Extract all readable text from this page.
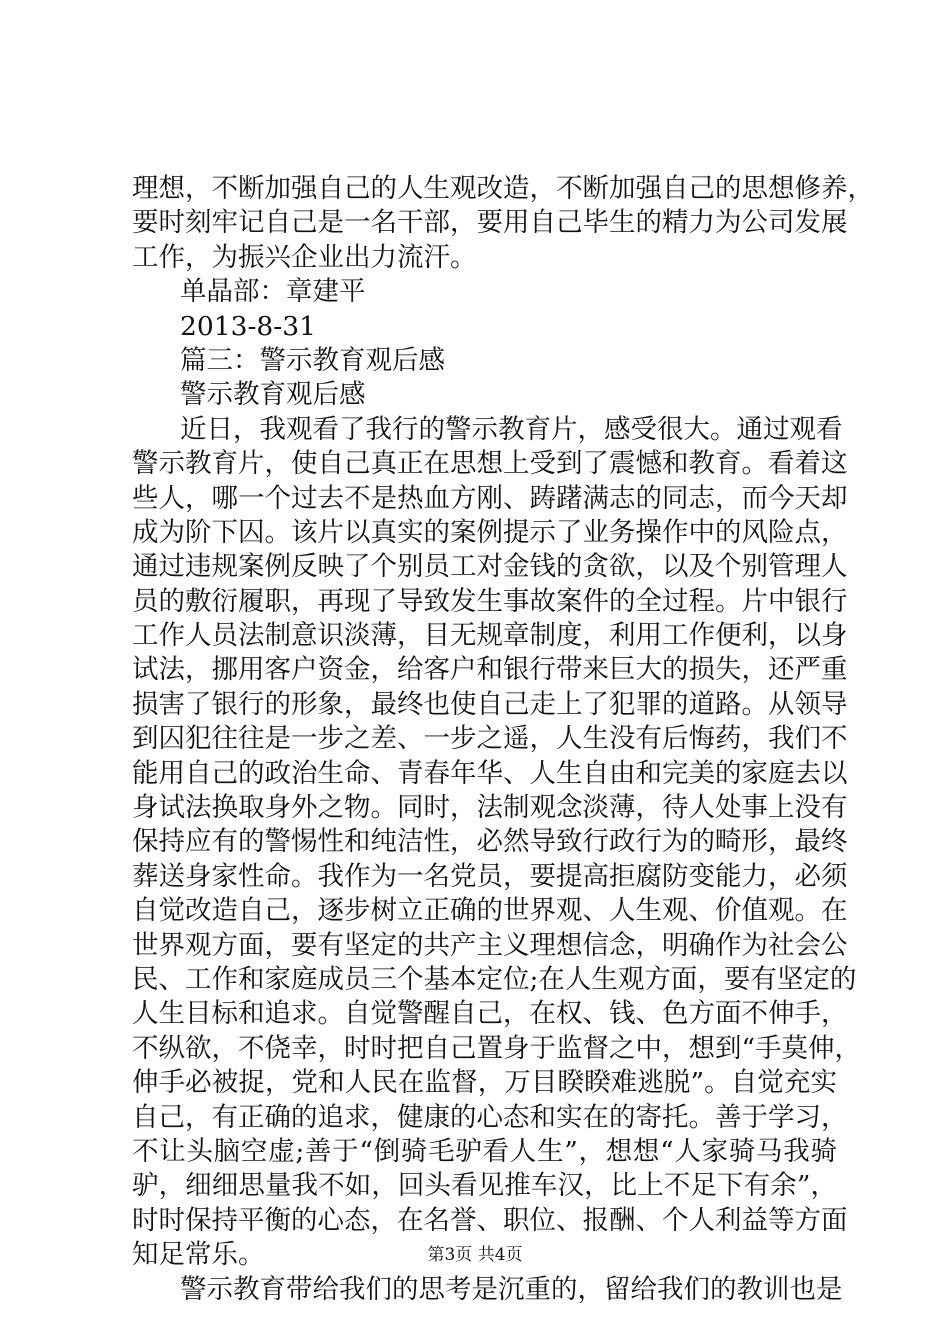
理想，不断加强自己的人生观改造，不断加强自己的思想修养，
要时刻牢记自己是一名干部，要用自己毕生的精力为公司发展
工作，为振兴企业出力流汗。
单晶部：章建平
2013-8-31
篇三：警示教育观后感
警示教育观后感
近日，我观看了我行的警示教育片，感受很大。通过观看
警示教育片，使自己真正在思想上受到了震憾和教育。看着这
些人，哪一个过去不是热血方刚、踌躇满志的同志，而今天却
成为阶下囚。该片以真实的案例提示了业务操作中的风险点，
通过违规案例反映了个别员工对金钱的贪欲，以及个别管理人
员的敷衍履职，再现了导致发生事故案件的全过程。片中银行
工作人员法制意识淡薄，目无规章制度，利用工作便利，以身
试法，挪用客户资金，给客户和银行带来巨大的损失，还严重
损害了银行的形象，最终也使自己走上了犯罪的道路。从领导
到囚犯往往是一步之差、一步之遥，人生没有后悔药，我们不
能用自己的政治生命、青春年华、人生自由和完美的家庭去以
身试法换取身外之物。同时，法制观念淡薄，待人处事上没有
保持应有的警惕性和纯洁性，必然导致行政行为的畸形，最终
葬送身家性命。我作为一名党员，要提高拒腐防变能力，必须
自觉改造自己，逐步树立正确的世界观、人生观、价值观。在
世界观方面，要有坚定的共产主义理想信念，明确作为社会公
民、工作和家庭成员三个基本定位;在人生观方面，要有坚定的
人生目标和追求。自觉警醒自己，在权、钱、色方面不伸手，
不纵欲，不侥幸，时时把自己置身于监督之中，想到“手莫伸，
伸手必被捉，党和人民在监督，万目睽睽难逃脱”。自觉充实
自己，有正确的追求，健康的心态和实在的寄托。善于学习，
不让头脑空虚;善于“倒骑毛驴看人生”，想想“人家骑马我骑
驴，细细思量我不如，回头看见推车汉，比上不足下有余”，
时时保持平衡的心态，在名誉、职位、报酬、个人利益等方面
知足常乐。
警示教育带给我们的思考是沉重的，留给我们的教训也是
第3页 共4页
